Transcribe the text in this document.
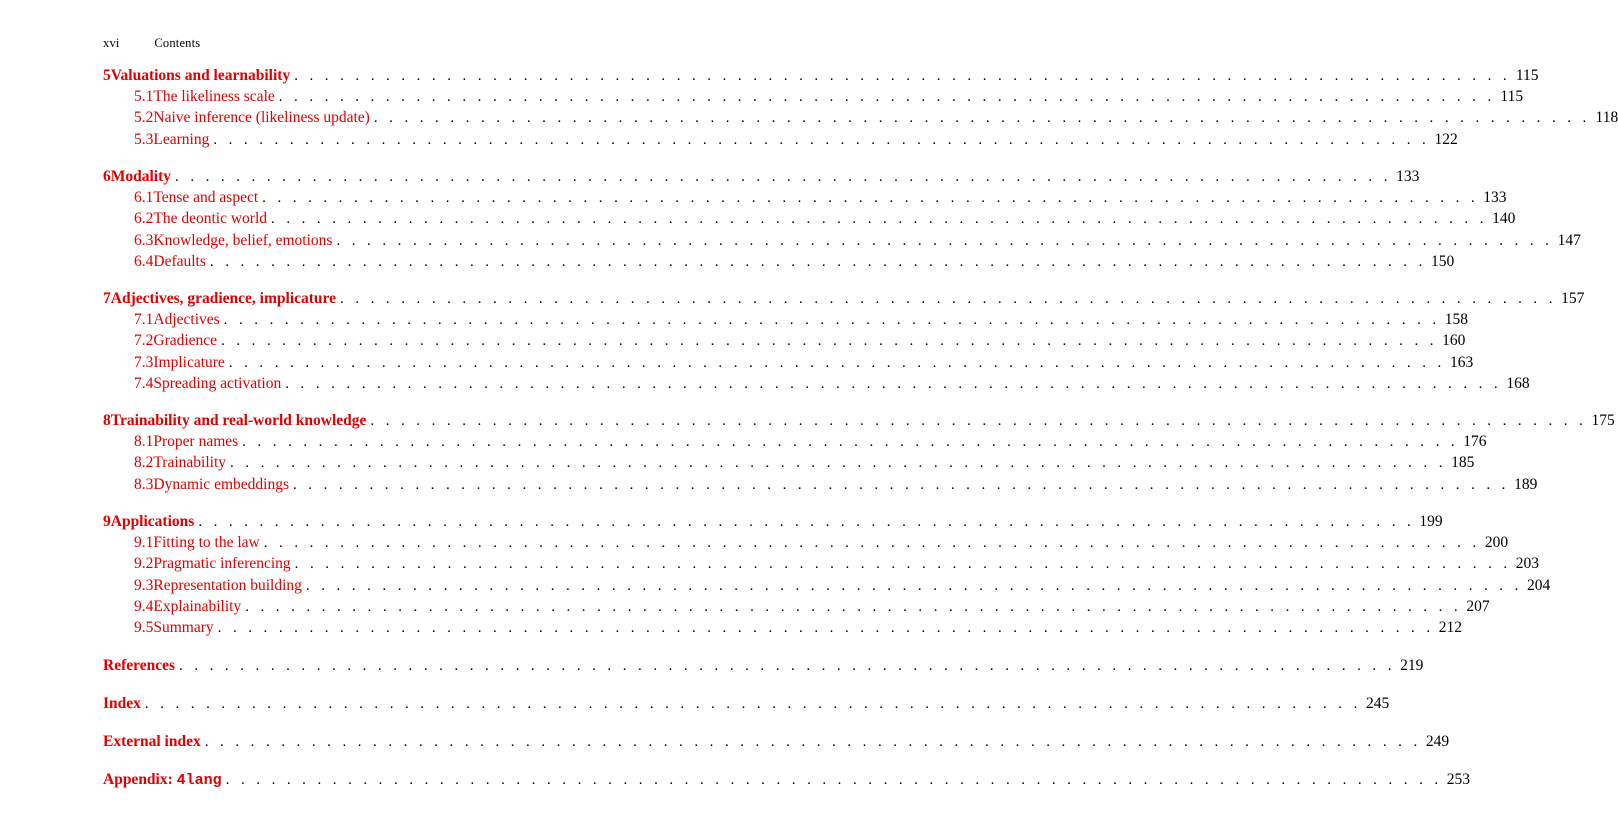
xvi	Contents
5 Valuations and learnability . . . . . . . . . . . . . . . . . . . . . . . . . . . . . . . . . . . . . . . . . . . . . . . . . . . . . . . . . . . . . . . . . . . . . . . . . . . . . . . . 115
5.1 The likeliness scale . . . . . . . . . . . . . . . . . . . . . . . . . . . . . . . . . . . . . . . . . . . . . . . . . . . . . . . . . . . . . . . . . . . . . . . . . . . . . . . . 115
5.2 Naive inference (likeliness update) . . . . . . . . . . . . . . . . . . . . . . . . . . . . . . . . . . . . . . . . . . . . . . . . . . . . . . . . . . . . . . . . . . . . . . . . . . . . . . . . 118
5.3 Learning . . . . . . . . . . . . . . . . . . . . . . . . . . . . . . . . . . . . . . . . . . . . . . . . . . . . . . . . . . . . . . . . . . . . . . . . . . . . . . . . 122
6 Modality . . . . . . . . . . . . . . . . . . . . . . . . . . . . . . . . . . . . . . . . . . . . . . . . . . . . . . . . . . . . . . . . . . . . . . . . . . . . . . . . 133
6.1 Tense and aspect . . . . . . . . . . . . . . . . . . . . . . . . . . . . . . . . . . . . . . . . . . . . . . . . . . . . . . . . . . . . . . . . . . . . . . . . . . . . . . . . 133
6.2 The deontic world . . . . . . . . . . . . . . . . . . . . . . . . . . . . . . . . . . . . . . . . . . . . . . . . . . . . . . . . . . . . . . . . . . . . . . . . . . . . . . . . 140
6.3 Knowledge, belief, emotions . . . . . . . . . . . . . . . . . . . . . . . . . . . . . . . . . . . . . . . . . . . . . . . . . . . . . . . . . . . . . . . . . . . . . . . . . . . . . . . . 147
6.4 Defaults . . . . . . . . . . . . . . . . . . . . . . . . . . . . . . . . . . . . . . . . . . . . . . . . . . . . . . . . . . . . . . . . . . . . . . . . . . . . . . . . 150
7 Adjectives, gradience, implicature . . . . . . . . . . . . . . . . . . . . . . . . . . . . . . . . . . . . . . . . . . . . . . . . . . . . . . . . . . . . . . . . . . . . . . . . . . . . . . . . 157
7.1 Adjectives . . . . . . . . . . . . . . . . . . . . . . . . . . . . . . . . . . . . . . . . . . . . . . . . . . . . . . . . . . . . . . . . . . . . . . . . . . . . . . . . 158
7.2 Gradience . . . . . . . . . . . . . . . . . . . . . . . . . . . . . . . . . . . . . . . . . . . . . . . . . . . . . . . . . . . . . . . . . . . . . . . . . . . . . . . . 160
7.3 Implicature . . . . . . . . . . . . . . . . . . . . . . . . . . . . . . . . . . . . . . . . . . . . . . . . . . . . . . . . . . . . . . . . . . . . . . . . . . . . . . . . 163
7.4 Spreading activation . . . . . . . . . . . . . . . . . . . . . . . . . . . . . . . . . . . . . . . . . . . . . . . . . . . . . . . . . . . . . . . . . . . . . . . . . . . . . . . . 168
8 Trainability and real-world knowledge . . . . . . . . . . . . . . . . . . . . . . . . . . . . . . . . . . . . . . . . . . . . . . . . . . . . . . . . . . . . . . . . . . . . . . . . . . . . . . . . 175
8.1 Proper names . . . . . . . . . . . . . . . . . . . . . . . . . . . . . . . . . . . . . . . . . . . . . . . . . . . . . . . . . . . . . . . . . . . . . . . . . . . . . . . . 176
8.2 Trainability . . . . . . . . . . . . . . . . . . . . . . . . . . . . . . . . . . . . . . . . . . . . . . . . . . . . . . . . . . . . . . . . . . . . . . . . . . . . . . . . 185
8.3 Dynamic embeddings . . . . . . . . . . . . . . . . . . . . . . . . . . . . . . . . . . . . . . . . . . . . . . . . . . . . . . . . . . . . . . . . . . . . . . . . . . . . . . . . 189
9 Applications . . . . . . . . . . . . . . . . . . . . . . . . . . . . . . . . . . . . . . . . . . . . . . . . . . . . . . . . . . . . . . . . . . . . . . . . . . . . . . . . 199
9.1 Fitting to the law . . . . . . . . . . . . . . . . . . . . . . . . . . . . . . . . . . . . . . . . . . . . . . . . . . . . . . . . . . . . . . . . . . . . . . . . . . . . . . . . 200
9.2 Pragmatic inferencing . . . . . . . . . . . . . . . . . . . . . . . . . . . . . . . . . . . . . . . . . . . . . . . . . . . . . . . . . . . . . . . . . . . . . . . . . . . . . . . . 203
9.3 Representation building . . . . . . . . . . . . . . . . . . . . . . . . . . . . . . . . . . . . . . . . . . . . . . . . . . . . . . . . . . . . . . . . . . . . . . . . . . . . . . . . 204
9.4 Explainability . . . . . . . . . . . . . . . . . . . . . . . . . . . . . . . . . . . . . . . . . . . . . . . . . . . . . . . . . . . . . . . . . . . . . . . . . . . . . . . . 207
9.5 Summary . . . . . . . . . . . . . . . . . . . . . . . . . . . . . . . . . . . . . . . . . . . . . . . . . . . . . . . . . . . . . . . . . . . . . . . . . . . . . . . . 212
References . . . . . . . . . . . . . . . . . . . . . . . . . . . . . . . . . . . . . . . . . . . . . . . . . . . . . . . . . . . . . . . . . . . . . . . . . . . . . . . . 219
Index . . . . . . . . . . . . . . . . . . . . . . . . . . . . . . . . . . . . . . . . . . . . . . . . . . . . . . . . . . . . . . . . . . . . . . . . . . . . . . . . 245
External index . . . . . . . . . . . . . . . . . . . . . . . . . . . . . . . . . . . . . . . . . . . . . . . . . . . . . . . . . . . . . . . . . . . . . . . . . . . . . . . . 249
Appendix:
4lang . . . . . . . . . . . . . . . . . . . . . . . . . . . . . . . . . . . . . . . . . . . . . . . . . . . . . . . . . . . . . . . . . . . . . . . . . . . . . . . . 253
